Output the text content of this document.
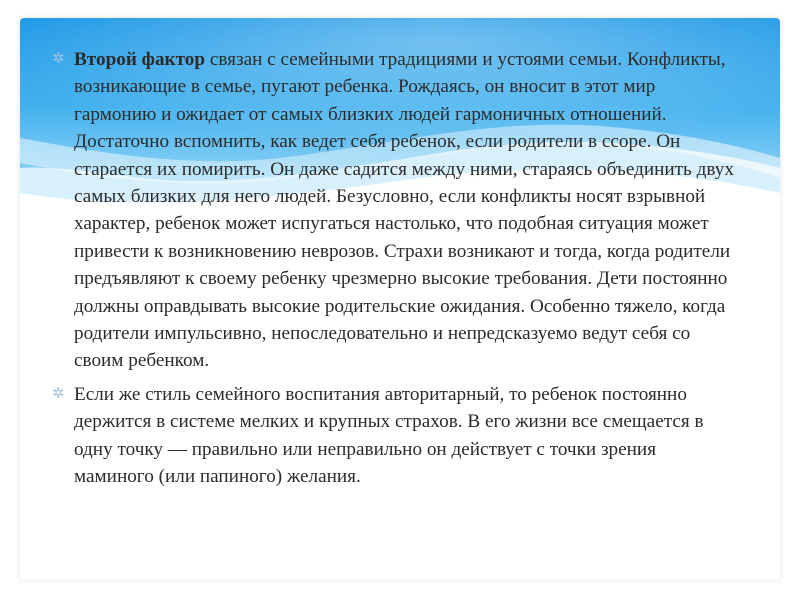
✲ Второй фактор связан с семейными традициями и устоями семьи. Конфликты, возникающие в семье, пугают ребенка. Рождаясь, он вносит в этот мир гармонию и ожидает от самых близких людей гармоничных отношений. Достаточно вспомнить, как ведет себя ребенок, если родители в ссоре. Он старается их помирить. Он даже садится между ними, стараясь объединить двух самых близких для него людей. Безусловно, если конфликты носят взрывной характер, ребенок может испугаться настолько, что подобная ситуация может привести к возникновению неврозов. Страхи возникают и тогда, когда родители предъявляют к своему ребенку чрезмерно высокие требования. Дети постоянно должны оправдывать высокие родительские ожидания. Особенно тяжело, когда родители импульсивно, непоследовательно и непредсказуемо ведут себя со своим ребенком.
✲ Если же стиль семейного воспитания авторитарный, то ребенок постоянно держится в системе мелких и крупных страхов. В его жизни все смещается в одну точку — правильно или неправильно он действует с точки зрения маминого (или папиного) желания.
